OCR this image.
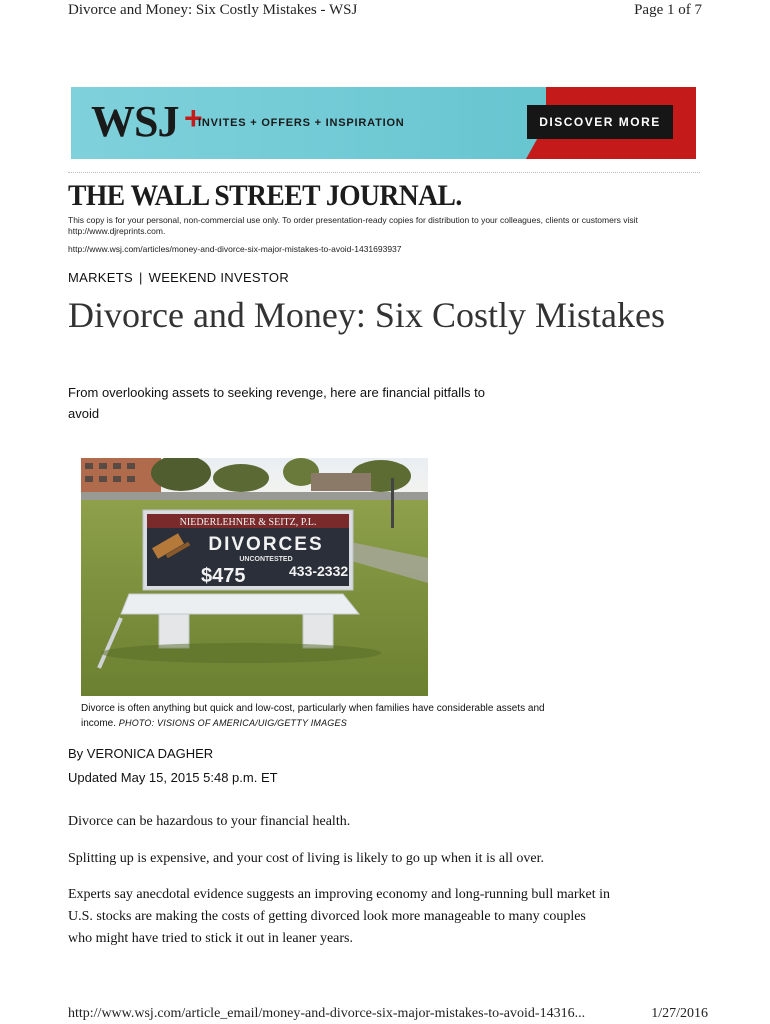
Divorce and Money: Six Costly Mistakes - WSJ	Page 1 of 7
WSJ +
INVITES + OFFERS + INSPIRATION	DISCOVER MORE
THE WALL STREET JOURNAL.
This copy is for your personal, non-commercial use only. To order presentation-ready copies for distribution to your colleagues, clients or customers visit http://www.djreprints.com.
http://www.wsj.com/articles/money-and-divorce-six-major-mistakes-to-avoid-1431693937
MARKETS | WEEKEND INVESTOR
Divorce and Money: Six Costly Mistakes
From overlooking assets to seeking revenge, here are financial pitfalls to avoid
NIEDERLEHNER & SEITZ, P.L.
DIVORCES
UNCONTESTED
$475	433-2332
Divorce is often anything but quick and low-cost, particularly when families have considerable assets and income. PHOTO: VISIONS OF AMERICA/UIG/GETTY IMAGES
By VERONICA DAGHER
Updated May 15, 2015 5:48 p.m. ET

Divorce can be hazardous to your financial health.

Splitting up is expensive, and your cost of living is likely to go up when it is all over.

Experts say anecdotal evidence suggests an improving economy and long-running bull market in U.S. stocks are making the costs of getting divorced look more manageable to many couples who might have tried to stick it out in leaner years.

http://www.wsj.com/article_email/money-and-divorce-six-major-mistakes-to-avoid-14316...	1/27/2016
